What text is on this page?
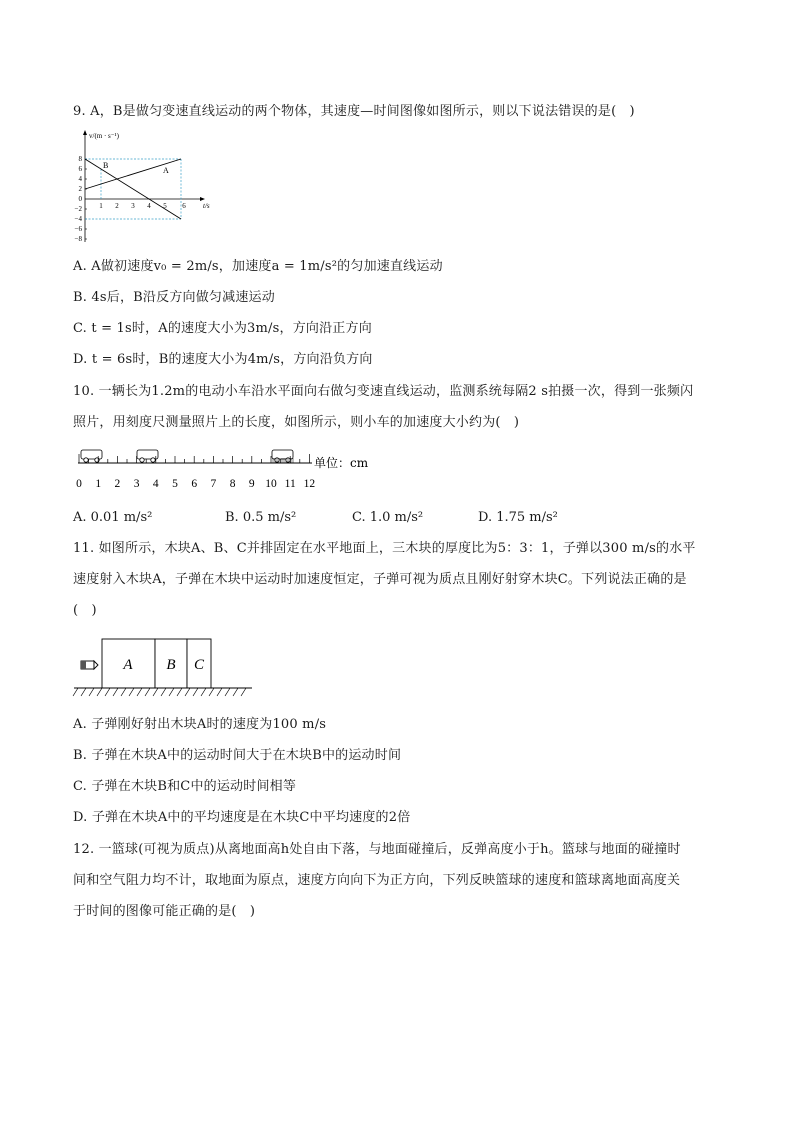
9. A，B是做匀变速直线运动的两个物体，其速度—时间图像如图所示，则以下说法错误的是(　)
v/(m · s⁻¹)
t/s
8
6
4
2
0
−2
−4
−6
−8
1 2 3 4 5 6
A
B
A. A做初速度v₀ = 2m/s，加速度a = 1m/s²的匀加速直线运动
B. 4s后，B沿反方向做匀减速运动
C. t = 1s时，A的速度大小为3m/s，方向沿正方向
D. t = 6s时，B的速度大小为4m/s，方向沿负方向
10. 一辆长为1.2m的电动小车沿水平面向右做匀变速直线运动，监测系统每隔2 s拍摄一次，得到一张频闪
照片，用刻度尺测量照片上的长度，如图所示，则小车的加速度大小约为(　)
单位：cm
0 1 2 3 4 5 6 7 8 9 10 11 12
A. 0.01 m/s²	B. 0.5 m/s²	C. 1.0 m/s²	D. 1.75 m/s²
11. 如图所示，木块A、B、C并排固定在水平地面上，三木块的厚度比为5：3：1，子弹以300 m/s的水平
速度射入木块A，子弹在木块中运动时加速度恒定，子弹可视为质点且刚好射穿木块C。下列说法正确的是
(　)
A B C
A. 子弹刚好射出木块A时的速度为100 m/s
B. 子弹在木块A中的运动时间大于在木块B中的运动时间
C. 子弹在木块B和C中的运动时间相等
D. 子弹在木块A中的平均速度是在木块C中平均速度的2倍
12. 一篮球(可视为质点)从离地面高h处自由下落，与地面碰撞后，反弹高度小于h。篮球与地面的碰撞时
间和空气阻力均不计，取地面为原点，速度方向向下为正方向，下列反映篮球的速度和篮球离地面高度关
于时间的图像可能正确的是(　)
